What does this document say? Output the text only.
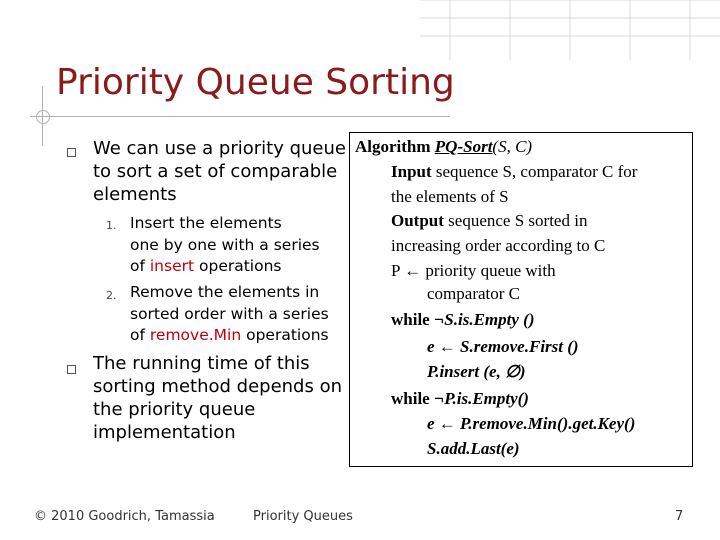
Priority Queue Sorting
We can use a priority queue
to sort a set of comparable
elements
1. Insert the elements
one by one with a series
of insert operations
2. Remove the elements in
sorted order with a series
of remove.Min operations
The running time of this
sorting method depends on
the priority queue
implementation
Algorithm PQ-Sort(S, C)
Input sequence S, comparator C for
the elements of S
Output sequence S sorted in
increasing order according to C
P ← priority queue with
comparator C
while ¬S.is.Empty ()
e ← S.remove.First ()
P.insert (e, ∅)
while ¬P.is.Empty()
e ← P.remove.Min().get.Key()
S.add.Last(e)
© 2010 Goodrich, Tamassia	Priority Queues	7
